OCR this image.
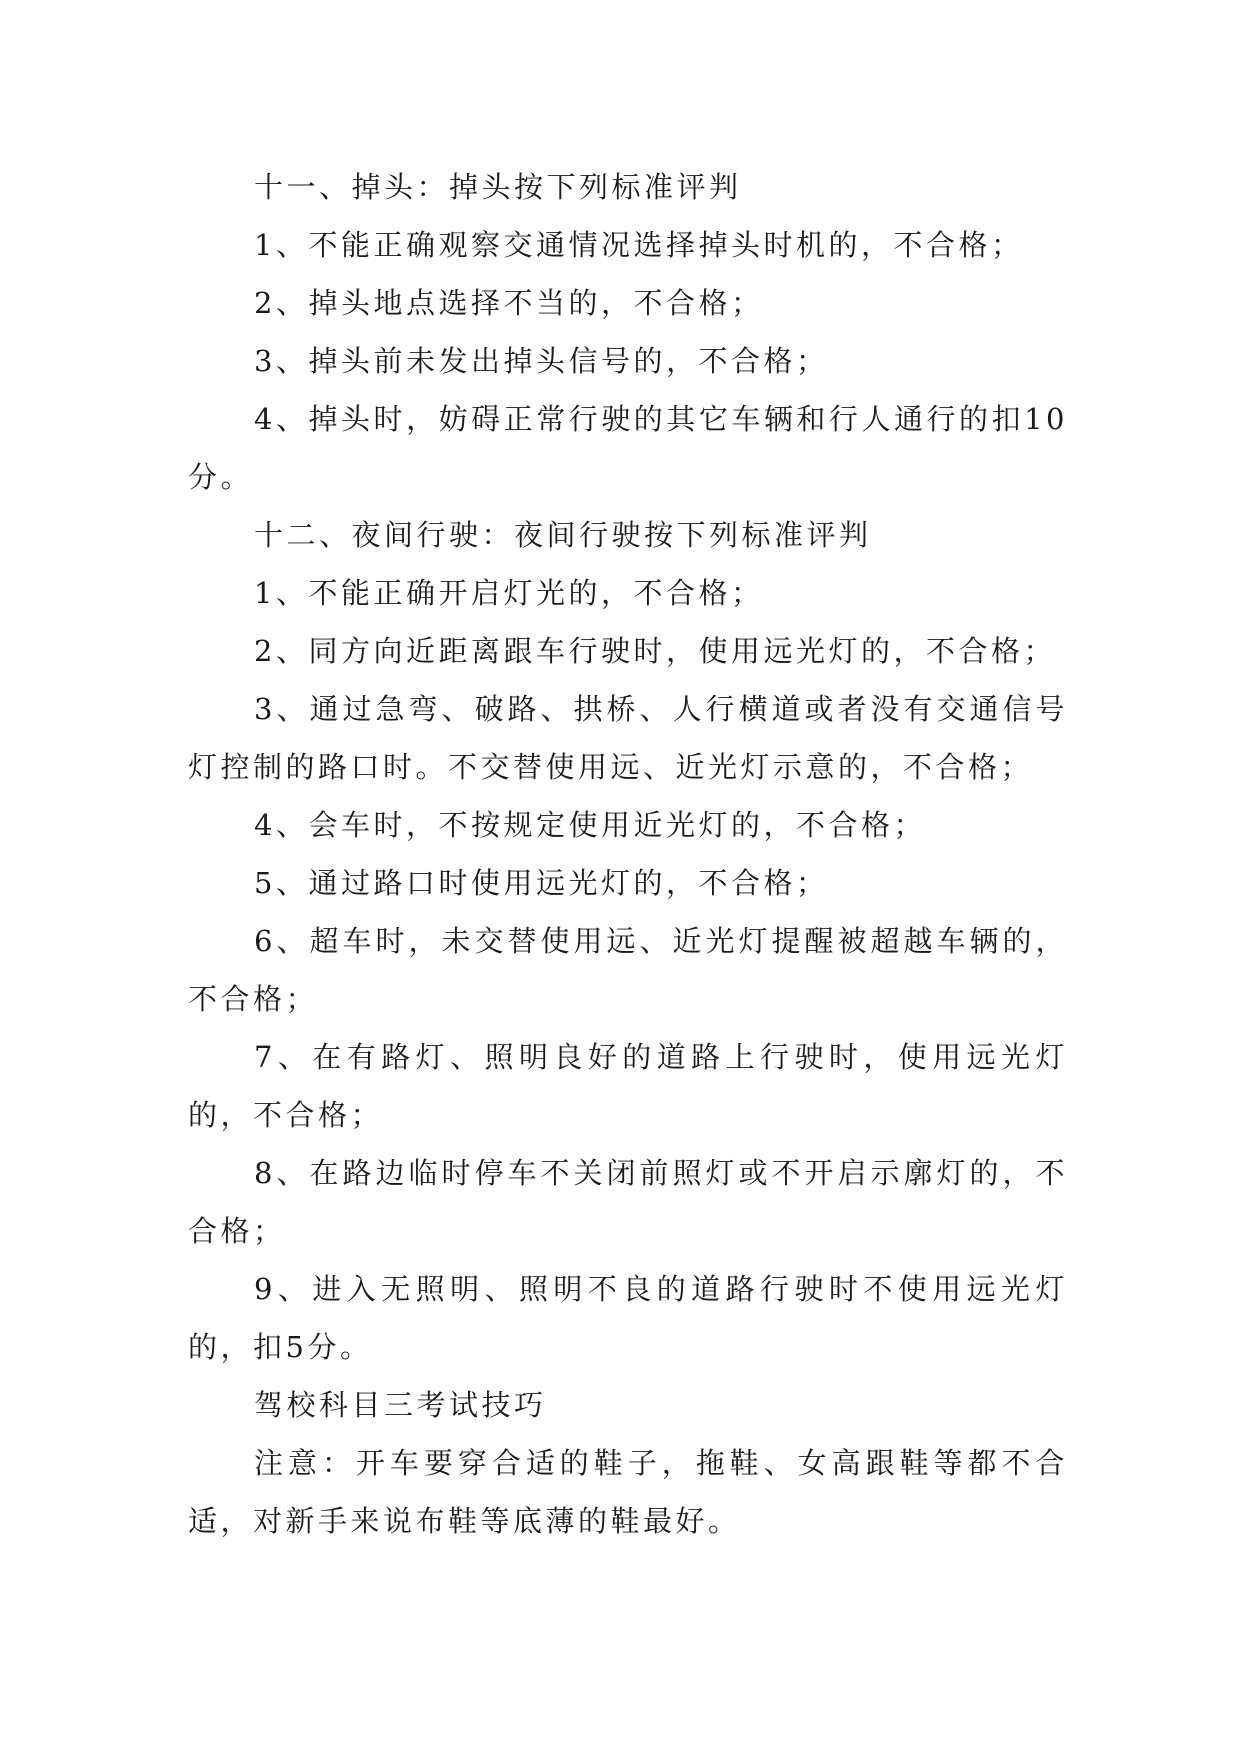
十一、掉头：掉头按下列标准评判

1、不能正确观察交通情况选择掉头时机的，不合格；

2、掉头地点选择不当的，不合格；

3、掉头前未发出掉头信号的，不合格；

4、掉头时，妨碍正常行驶的其它车辆和行人通行的扣10分。

十二、夜间行驶：夜间行驶按下列标准评判

1、不能正确开启灯光的，不合格；

2、同方向近距离跟车行驶时，使用远光灯的，不合格；

3、通过急弯、破路、拱桥、人行横道或者没有交通信号灯控制的路口时。不交替使用远、近光灯示意的，不合格；

4、会车时，不按规定使用近光灯的，不合格；

5、通过路口时使用远光灯的，不合格；

6、超车时，未交替使用远、近光灯提醒被超越车辆的，不合格；

7、在有路灯、照明良好的道路上行驶时，使用远光灯的，不合格；

8、在路边临时停车不关闭前照灯或不开启示廓灯的，不合格；

9、进入无照明、照明不良的道路行驶时不使用远光灯的，扣5分。

驾校科目三考试技巧

注意：开车要穿合适的鞋子，拖鞋、女高跟鞋等都不合适，对新手来说布鞋等底薄的鞋最好。
